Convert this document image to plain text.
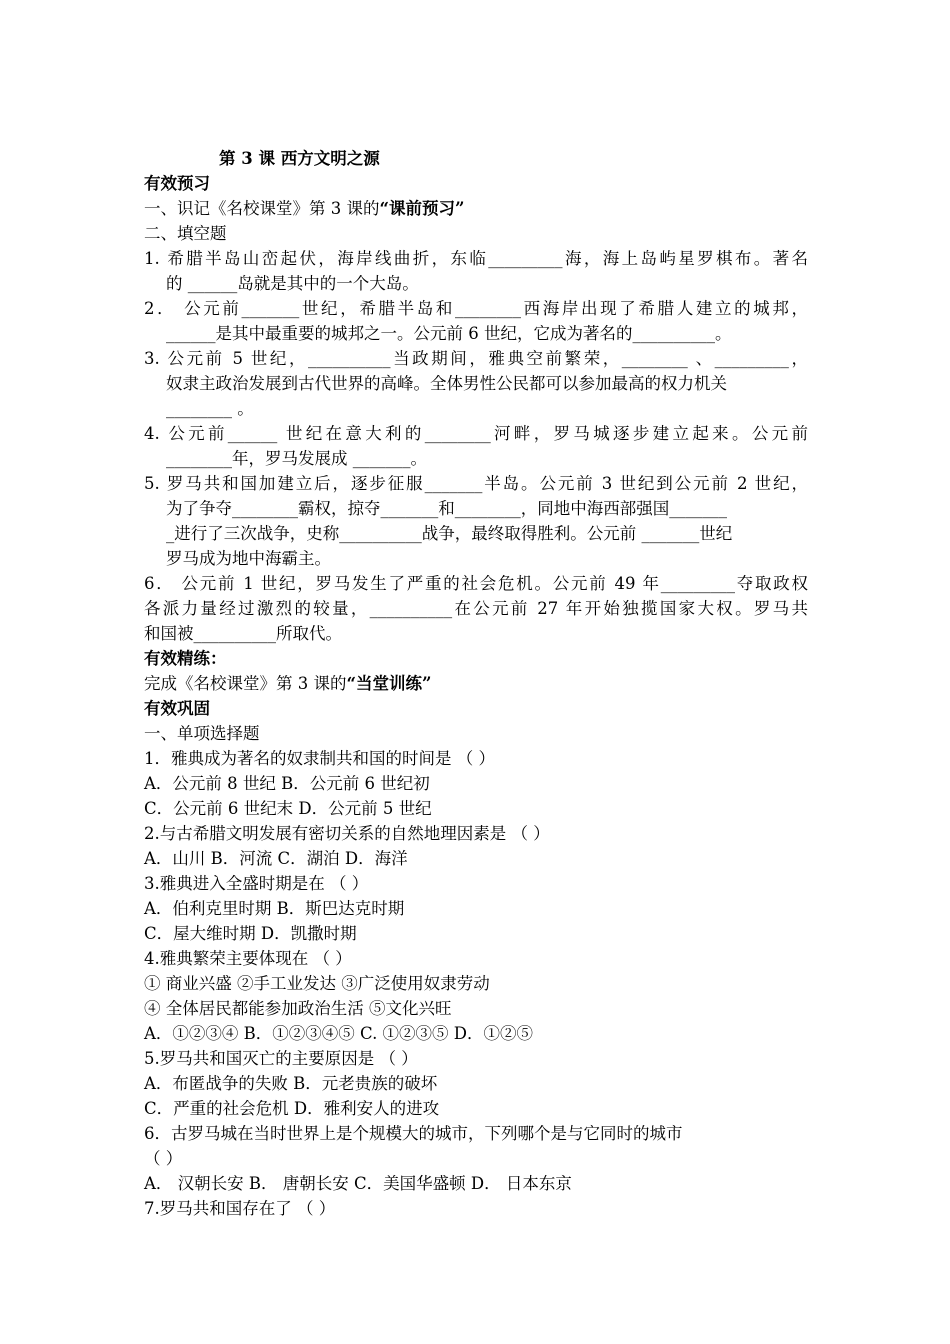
第 3 课 西方文明之源
有效预习
一、识记《名校课堂》第 3 课的“课前预习”
二、填空题
1. 希腊半岛山峦起伏，海岸线曲折，东临_________海，海上岛屿星罗棋布。著名
的 ______岛就是其中的一个大岛。
2． 公元前_______世纪，希腊半岛和________西海岸出现了希腊人建立的城邦，
______是其中最重要的城邦之一。公元前 6 世纪，它成为著名的__________。
3. 公元前 5 世纪，__________当政期间，雅典空前繁荣，________ 、_________，
奴隶主政治发展到古代世界的高峰。全体男性公民都可以参加最高的权力机关
________ 。
4. 公元前______ 世纪在意大利的________河畔，罗马城逐步建立起来。公元前
________年，罗马发展成 _______。
5. 罗马共和国加建立后，逐步征服_______半岛。公元前 3 世纪到公元前 2 世纪，
为了争夺________霸权，掠夺_______和________，同地中海西部强国_______
_进行了三次战争，史称__________战争，最终取得胜利。公元前 _______世纪
罗马成为地中海霸主。
6． 公元前 1 世纪，罗马发生了严重的社会危机。公元前 49 年_________夺取政权
各派力量经过激烈的较量，__________在公元前 27 年开始独揽国家大权。罗马共
和国被__________所取代。
有效精练：
完成《名校课堂》第 3 课的“当堂训练”
有效巩固
一、单项选择题
1．雅典成为著名的奴隶制共和国的时间是 （ ）
A．公元前 8 世纪 B．公元前 6 世纪初
C．公元前 6 世纪末 D．公元前 5 世纪
2.与古希腊文明发展有密切关系的自然地理因素是 （ ）
A．山川 B．河流 C．湖泊 D．海洋
3.雅典进入全盛时期是在 （ ）
A．伯利克里时期 B．斯巴达克时期
C．屋大维时期 D．凯撒时期
4.雅典繁荣主要体现在 （ ）
① 商业兴盛 ②手工业发达 ③广泛使用奴隶劳动
④ 全体居民都能参加政治生活 ⑤文化兴旺
A．①②③④ B．①②③④⑤ C. ①②③⑤ D．①②⑤
5.罗马共和国灭亡的主要原因是 （ ）
A．布匿战争的失败 B．元老贵族的破坏
C．严重的社会危机 D．雅利安人的进攻
6．古罗马城在当时世界上是个规模大的城市，下列哪个是与它同时的城市
（ ）
A． 汉朝长安 B． 唐朝长安 C．美国华盛顿 D． 日本东京
7.罗马共和国存在了 （ ）
